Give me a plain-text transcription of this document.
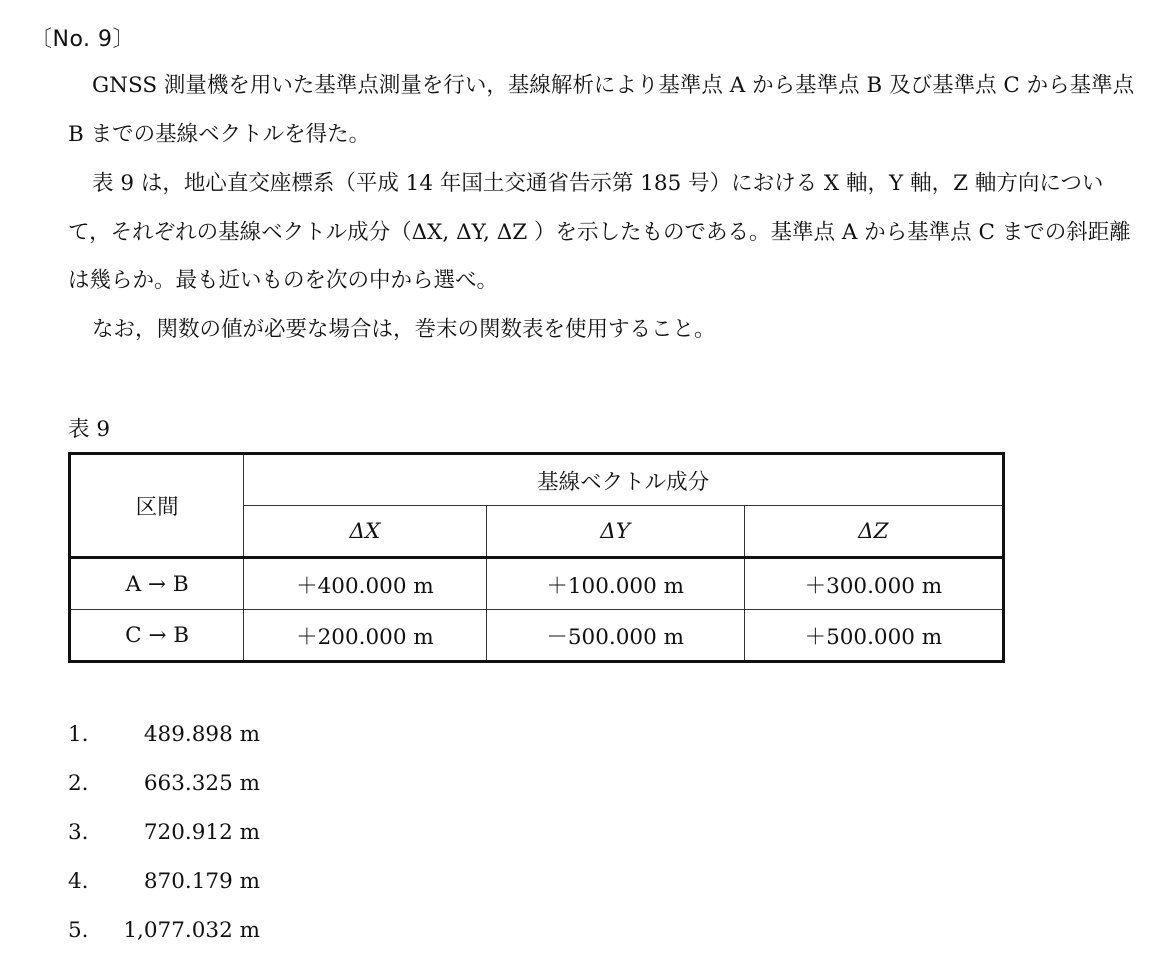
〔No. 9〕

GNSS 測量機を用いた基準点測量を行い，基線解析により基準点 A から基準点 B 及び基準点 C から基準点 B までの基線ベクトルを得た。

表 9 は，地心直交座標系（平成 14 年国土交通省告示第 185 号）における X 軸，Y 軸，Z 軸方向について，それぞれの基線ベクトル成分（ΔX, ΔY, ΔZ ）を示したものである。基準点 A から基準点 C までの斜距離は幾らか。最も近いものを次の中から選べ。

なお，関数の値が必要な場合は，巻末の関数表を使用すること。

表 9
区間	基線ベクトル成分		
	ΔX	ΔY	ΔZ
A → B	＋400.000 m	＋100.000 m	＋300.000 m
C → B	＋200.000 m	－500.000 m	＋500.000 m
1.	489.898 m
2.	663.325 m
3.	720.912 m
4.	870.179 m
5.	1,077.032 m
